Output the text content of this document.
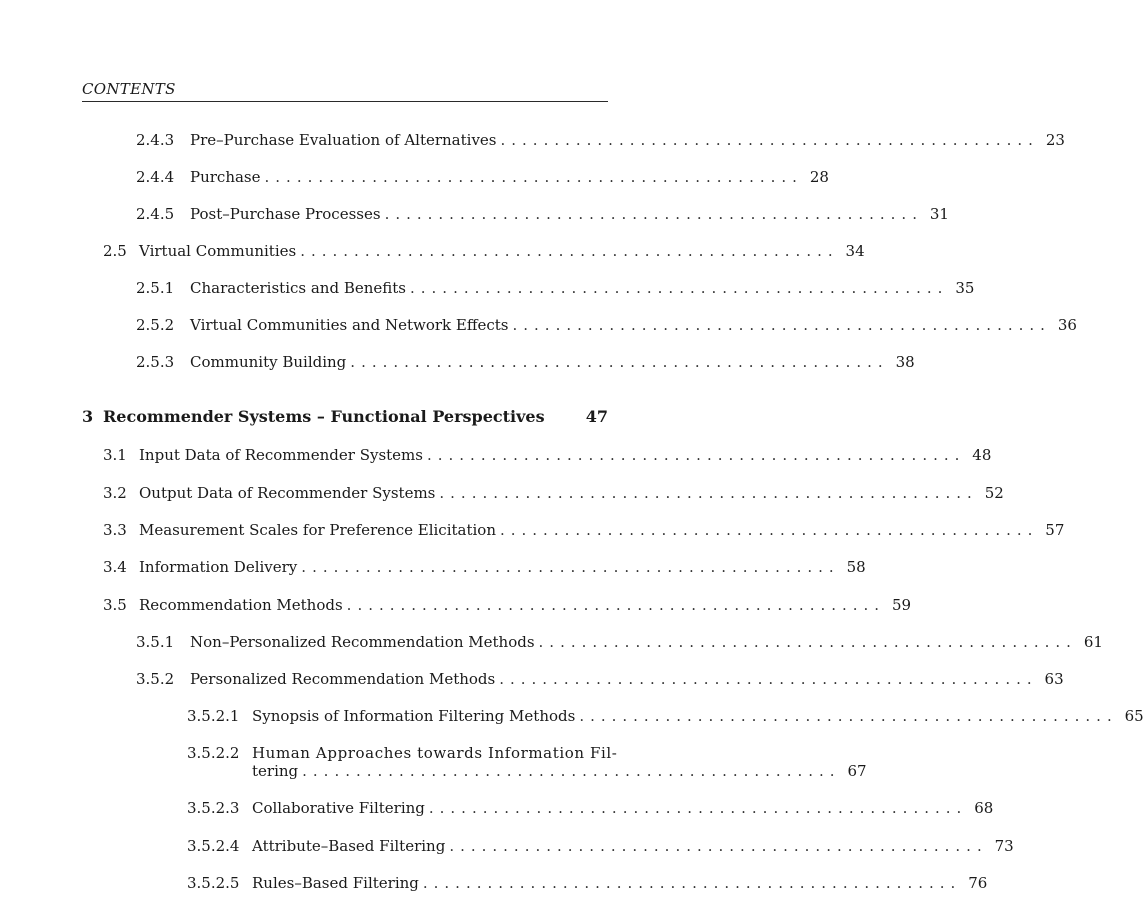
CONTENTS
2.4.3	Pre–Purchase Evaluation of Alternatives .................................................. 23
2.4.4	Purchase .................................................. 28
2.4.5	Post–Purchase Processes .................................................. 31
2.5 Virtual Communities .................................................. 34
2.5.1	Characteristics and Benefits .................................................. 35
2.5.2	Virtual Communities and Network Effects .................................................. 36
2.5.3	Community Building .................................................. 38
3 Recommender Systems – Functional Perspectives	47
3.1 Input Data of Recommender Systems .................................................. 48
3.2 Output Data of Recommender Systems .................................................. 52
3.3 Measurement Scales for Preference Elicitation .................................................. 57
3.4 Information Delivery .................................................. 58
3.5 Recommendation Methods .................................................. 59
3.5.1	Non–Personalized Recommendation Methods .................................................. 61
3.5.2	Personalized Recommendation Methods .................................................. 63
3.5.2.1 Synopsis of Information Filtering Methods .................................................. 65
3.5.2.2 Human Approaches towards Information Fil-
tering .................................................. 67
3.5.2.3 Collaborative Filtering .................................................. 68
3.5.2.4 Attribute–Based Filtering .................................................. 73
3.5.2.5 Rules–Based Filtering .................................................. 76
